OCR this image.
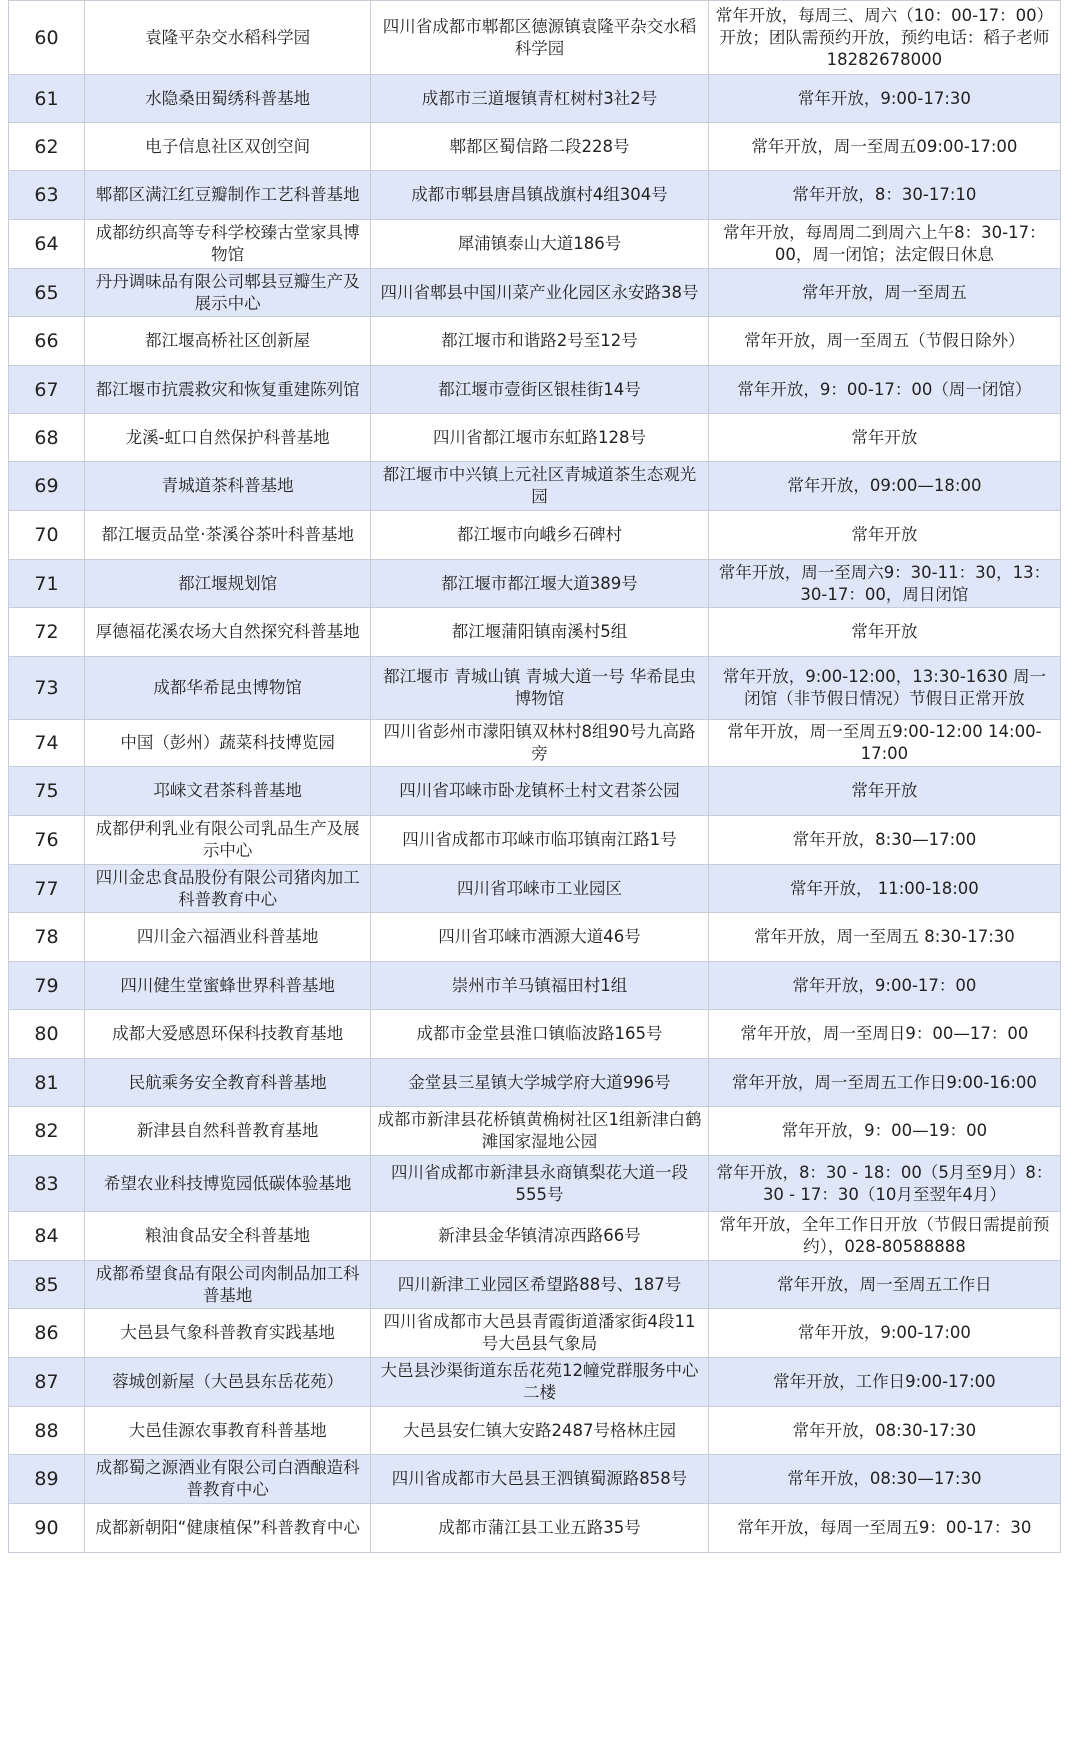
60	袁隆平杂交水稻科学园	四川省成都市郫都区德源镇袁隆平杂交水稻科学园	常年开放，每周三、周六（10：00-17：00）开放；团队需预约开放，预约电话：稻子老师18282678000
61	水隐桑田蜀绣科普基地	成都市三道堰镇青杠树村3社2号	常年开放，9:00-17:30
62	电子信息社区双创空间	郫都区蜀信路二段228号	常年开放，周一至周五09:00-17:00
63	郫都区满江红豆瓣制作工艺科普基地	成都市郫县唐昌镇战旗村4组304号	常年开放，8：30-17:10
64	成都纺织高等专科学校臻古堂家具博物馆	犀浦镇泰山大道186号	常年开放，每周周二到周六上午8：30-17：00，周一闭馆；法定假日休息
65	丹丹调味品有限公司郫县豆瓣生产及展示中心	四川省郫县中国川菜产业化园区永安路38号	常年开放，周一至周五
66	都江堰高桥社区创新屋	都江堰市和谐路2号至12号	常年开放，周一至周五（节假日除外）
67	都江堰市抗震救灾和恢复重建陈列馆	都江堰市壹街区银桂街14号	常年开放，9：00-17：00（周一闭馆）
68	龙溪-虹口自然保护科普基地	四川省都江堰市东虹路128号	常年开放
69	青城道茶科普基地	都江堰市中兴镇上元社区青城道茶生态观光园	常年开放，09:00—18:00
70	都江堰贡品堂·茶溪谷茶叶科普基地	都江堰市向峨乡石碑村	常年开放
71	都江堰规划馆	都江堰市都江堰大道389号	常年开放，周一至周六9：30-11：30，13：30-17：00，周日闭馆
72	厚德福花溪农场大自然探究科普基地	都江堰蒲阳镇南溪村5组	常年开放
73	成都华希昆虫博物馆	都江堰市 青城山镇 青城大道一号 华希昆虫博物馆	常年开放，9:00-12:00，13:30-1630 周一闭馆（非节假日情况）节假日正常开放
74	中国（彭州）蔬菜科技博览园	四川省彭州市濛阳镇双林村8组90号九高路旁	常年开放，周一至周五9:00-12:00 14:00-17:00
75	邛崃文君茶科普基地	四川省邛崃市卧龙镇杯土村文君茶公园	常年开放
76	成都伊利乳业有限公司乳品生产及展示中心	四川省成都市邛崃市临邛镇南江路1号	常年开放，8:30—17:00
77	四川金忠食品股份有限公司猪肉加工科普教育中心	四川省邛崃市工业园区	常年开放， 11:00-18:00
78	四川金六福酒业科普基地	四川省邛崃市酒源大道46号	常年开放，周一至周五 8:30-17:30
79	四川健生堂蜜蜂世界科普基地	崇州市羊马镇福田村1组	常年开放，9:00-17：00
80	成都大爱感恩环保科技教育基地	成都市金堂县淮口镇临波路165号	常年开放，周一至周日9：00—17：00
81	民航乘务安全教育科普基地	金堂县三星镇大学城学府大道996号	常年开放，周一至周五工作日9:00-16:00
82	新津县自然科普教育基地	成都市新津县花桥镇黄桷树社区1组新津白鹤滩国家湿地公园	常年开放，9：00—19：00
83	希望农业科技博览园低碳体验基地	四川省成都市新津县永商镇梨花大道一段555号	常年开放，8：30 - 18：00（5月至9月）8：30 - 17：30（10月至翌年4月）
84	粮油食品安全科普基地	新津县金华镇清凉西路66号	常年开放，全年工作日开放（节假日需提前预约），028-80588888
85	成都希望食品有限公司肉制品加工科普基地	四川新津工业园区希望路88号、187号	常年开放，周一至周五工作日
86	大邑县气象科普教育实践基地	四川省成都市大邑县青霞街道潘家街4段11号大邑县气象局	常年开放，9:00-17:00
87	蓉城创新屋（大邑县东岳花苑）	大邑县沙渠街道东岳花苑12幢党群服务中心二楼	常年开放，工作日9:00-17:00
88	大邑佳源农事教育科普基地	大邑县安仁镇大安路2487号格林庄园	常年开放，08:30-17:30
89	成都蜀之源酒业有限公司白酒酿造科普教育中心	四川省成都市大邑县王泗镇蜀源路858号	常年开放，08:30—17:30
90	成都新朝阳“健康植保”科普教育中心	成都市蒲江县工业五路35号	常年开放，每周一至周五9：00-17：30
